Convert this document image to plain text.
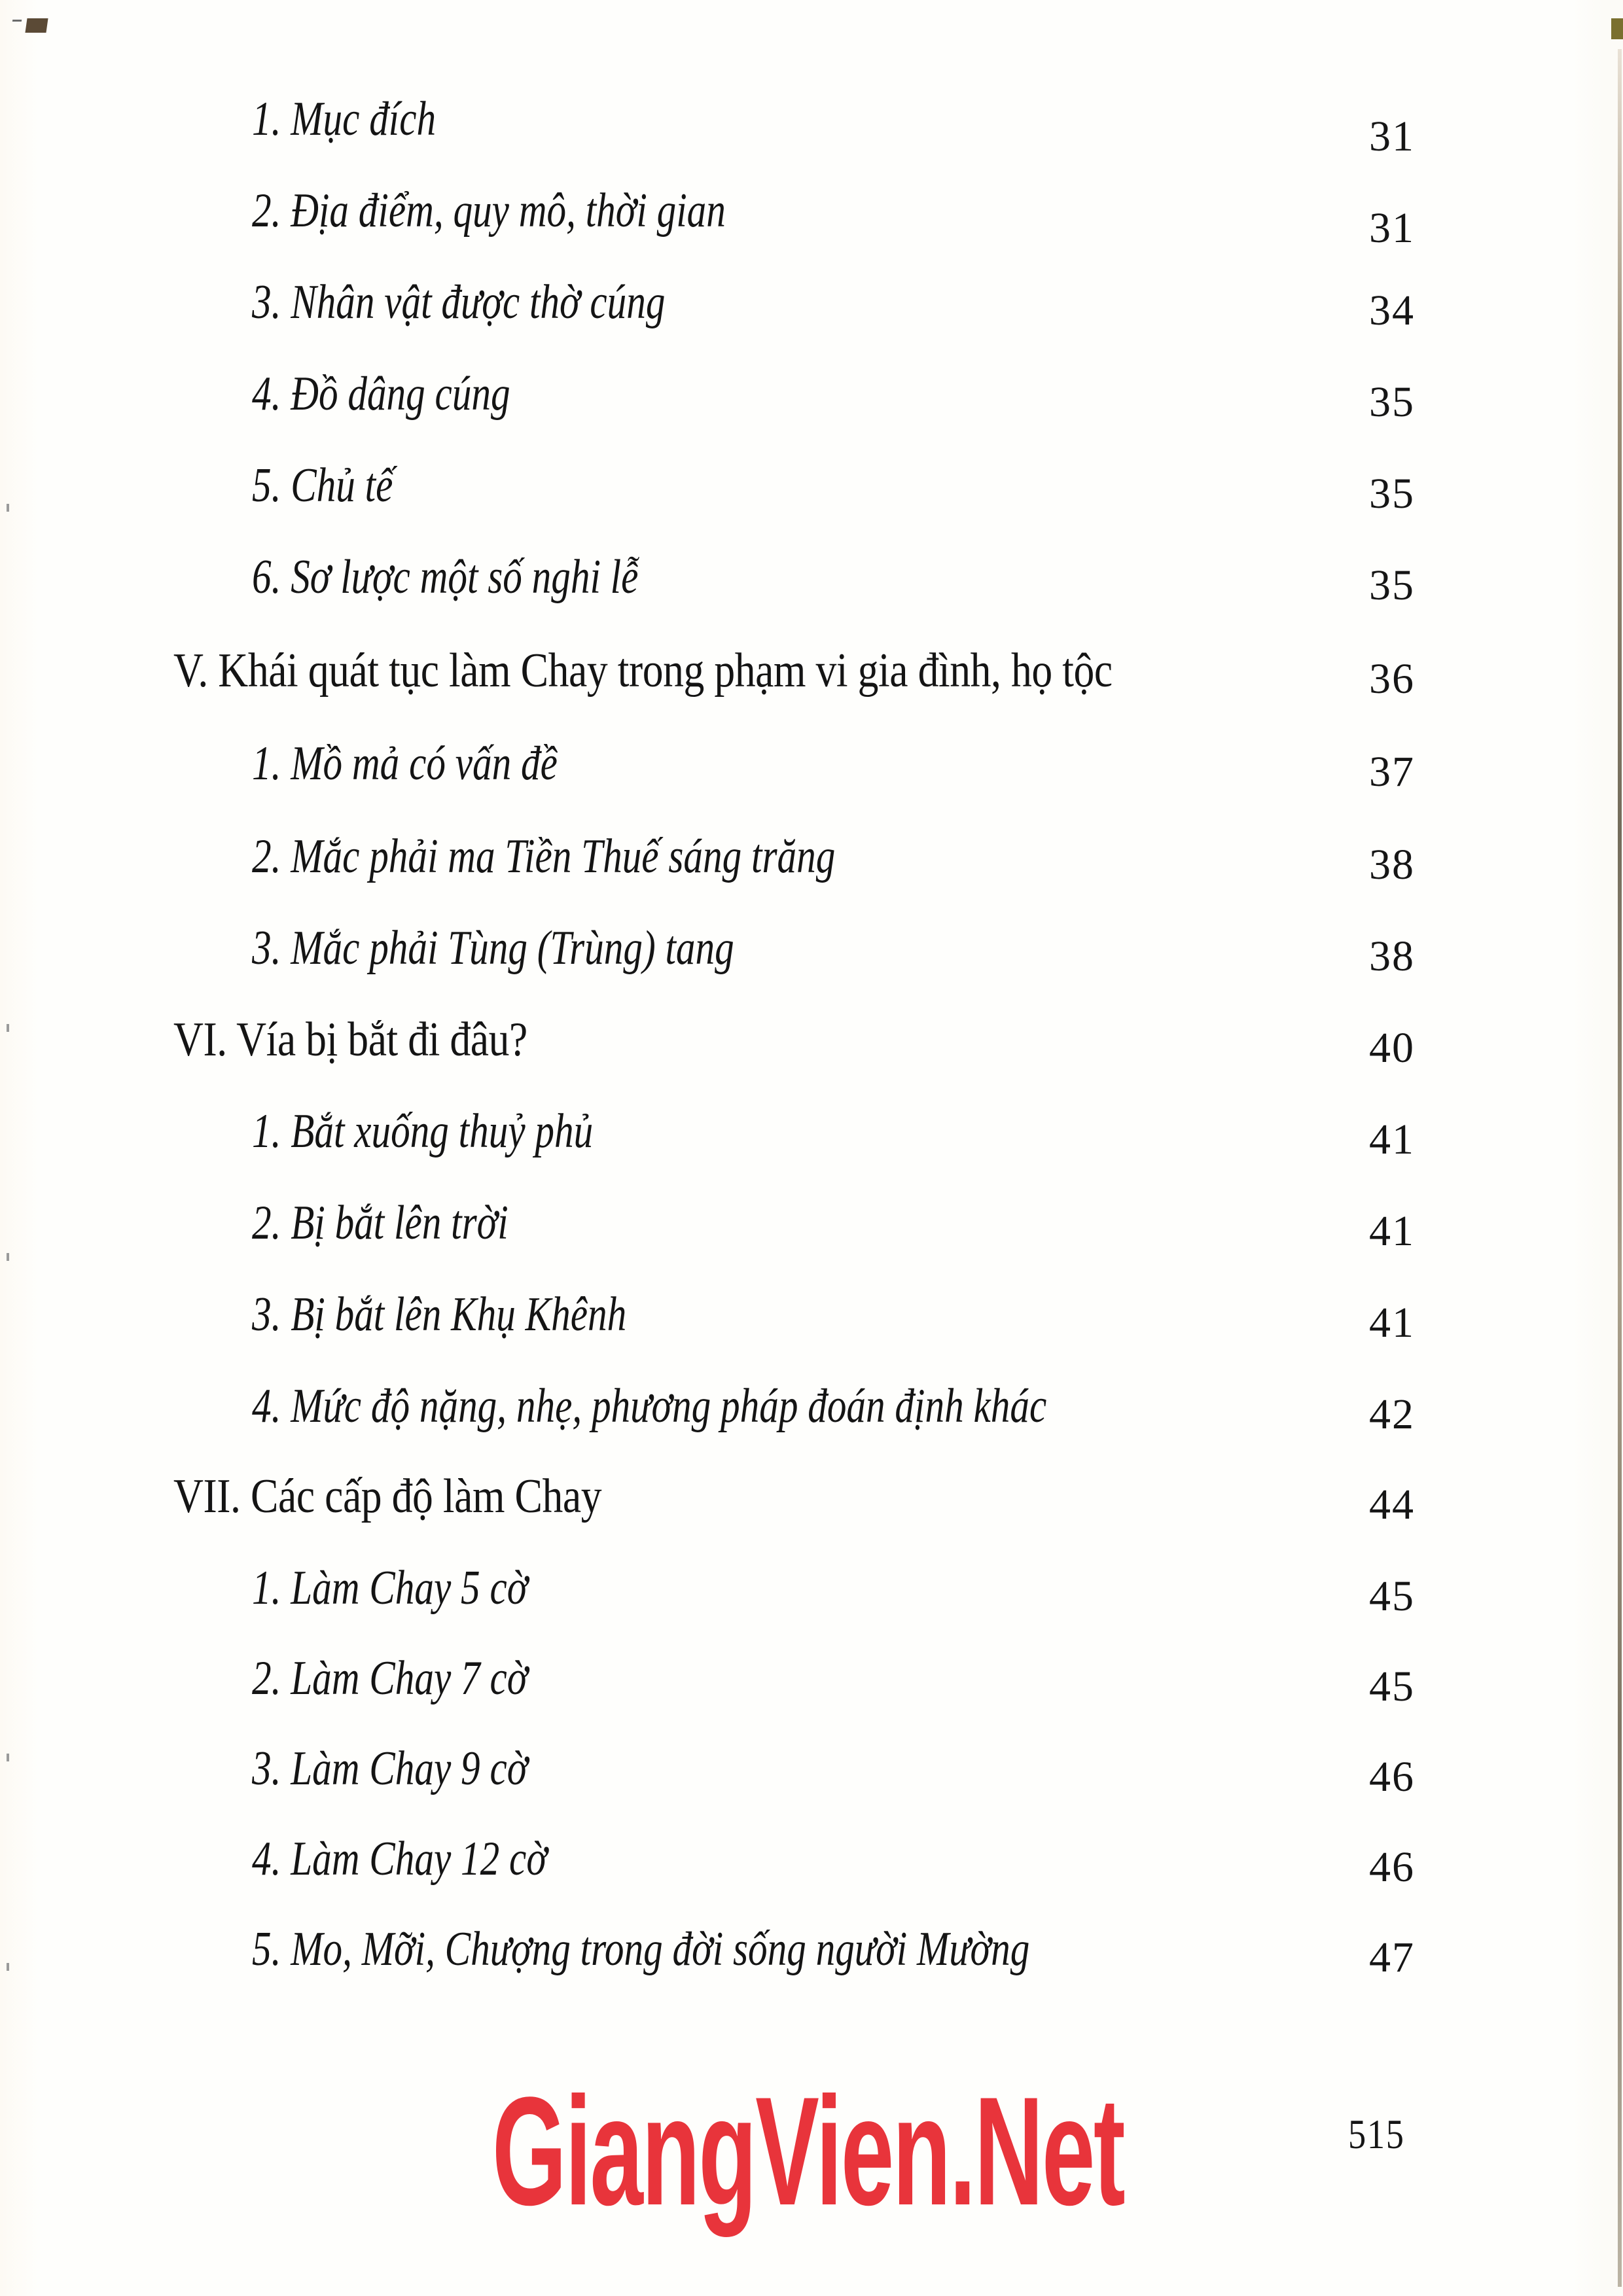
1. Mục đích	31
2. Địa điểm, quy mô, thời gian	31
3. Nhân vật được thờ cúng	34
4. Đồ dâng cúng	35
5. Chủ tế	35
6. Sơ lược một số nghi lễ	35
V. Khái quát tục làm Chay trong phạm vi gia đình, họ tộc	36
1. Mồ mả có vấn đề	37
2. Mắc phải ma Tiền Thuế sáng trăng	38
3. Mắc phải Tùng (Trùng) tang	38
VI. Vía bị bắt đi đâu?	40
1. Bắt xuống thuỷ phủ	41
2. Bị bắt lên trời	41
3. Bị bắt lên Khụ Khênh	41
4. Mức độ nặng, nhẹ, phương pháp đoán định khác	42
VII. Các cấp độ làm Chay	44
1. Làm Chay 5 cờ	45
2. Làm Chay 7 cờ	45
3. Làm Chay 9 cờ	46
4. Làm Chay 12 cờ	46
5. Mo, Mỡi, Chượng trong đời sống người Mường	47
GiangVien.Net	515
